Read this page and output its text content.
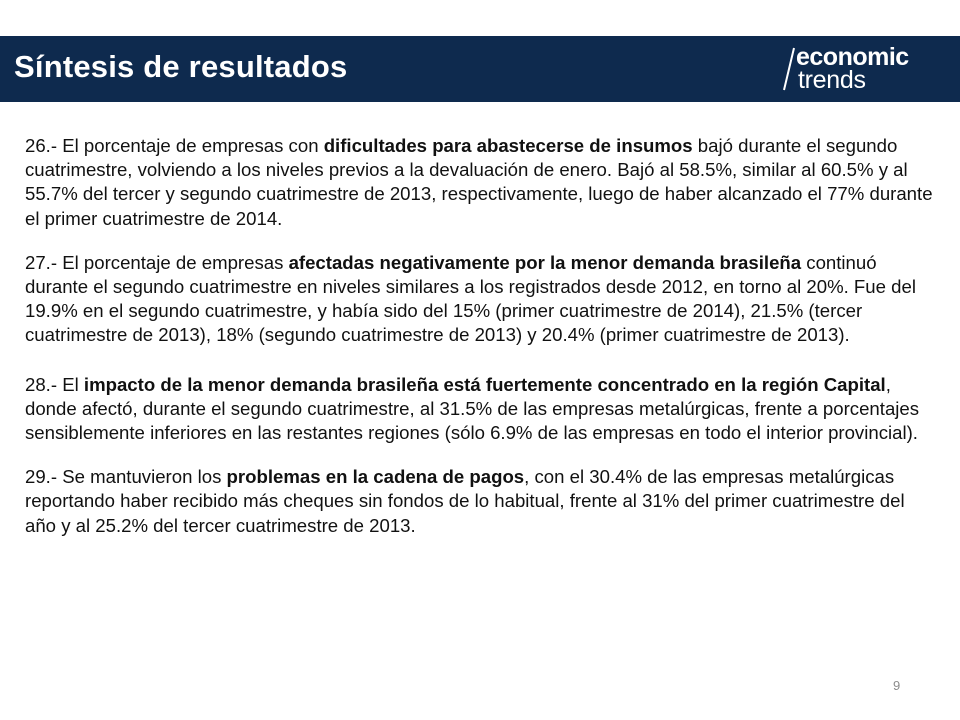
Síntesis de resultados	economic
trends

26.- El porcentaje de empresas con dificultades para abastecerse de insumos bajó durante el segundo cuatrimestre, volviendo a los niveles previos a la devaluación de enero. Bajó al 58.5%, similar al 60.5% y al 55.7% del tercer y segundo cuatrimestre de 2013, respectivamente, luego de haber alcanzado el 77% durante el primer cuatrimestre de 2014.

27.- El porcentaje de empresas afectadas negativamente por la menor demanda brasileña continuó durante el segundo cuatrimestre en niveles similares a los registrados desde 2012, en torno al 20%. Fue del 19.9% en el segundo cuatrimestre, y había sido del 15% (primer cuatrimestre de 2014), 21.5% (tercer cuatrimestre de 2013), 18% (segundo cuatrimestre de 2013) y 20.4% (primer cuatrimestre de 2013).

28.- El impacto de la menor demanda brasileña está fuertemente concentrado en la región Capital, donde afectó, durante el segundo cuatrimestre, al 31.5% de las empresas metalúrgicas, frente a porcentajes sensiblemente inferiores en las restantes regiones (sólo 6.9% de las empresas en todo el interior provincial).

29.- Se mantuvieron los problemas en la cadena de pagos, con el 30.4% de las empresas metalúrgicas reportando haber recibido más cheques sin fondos de lo habitual, frente al 31% del primer cuatrimestre del año y al 25.2% del tercer cuatrimestre de 2013.

9
